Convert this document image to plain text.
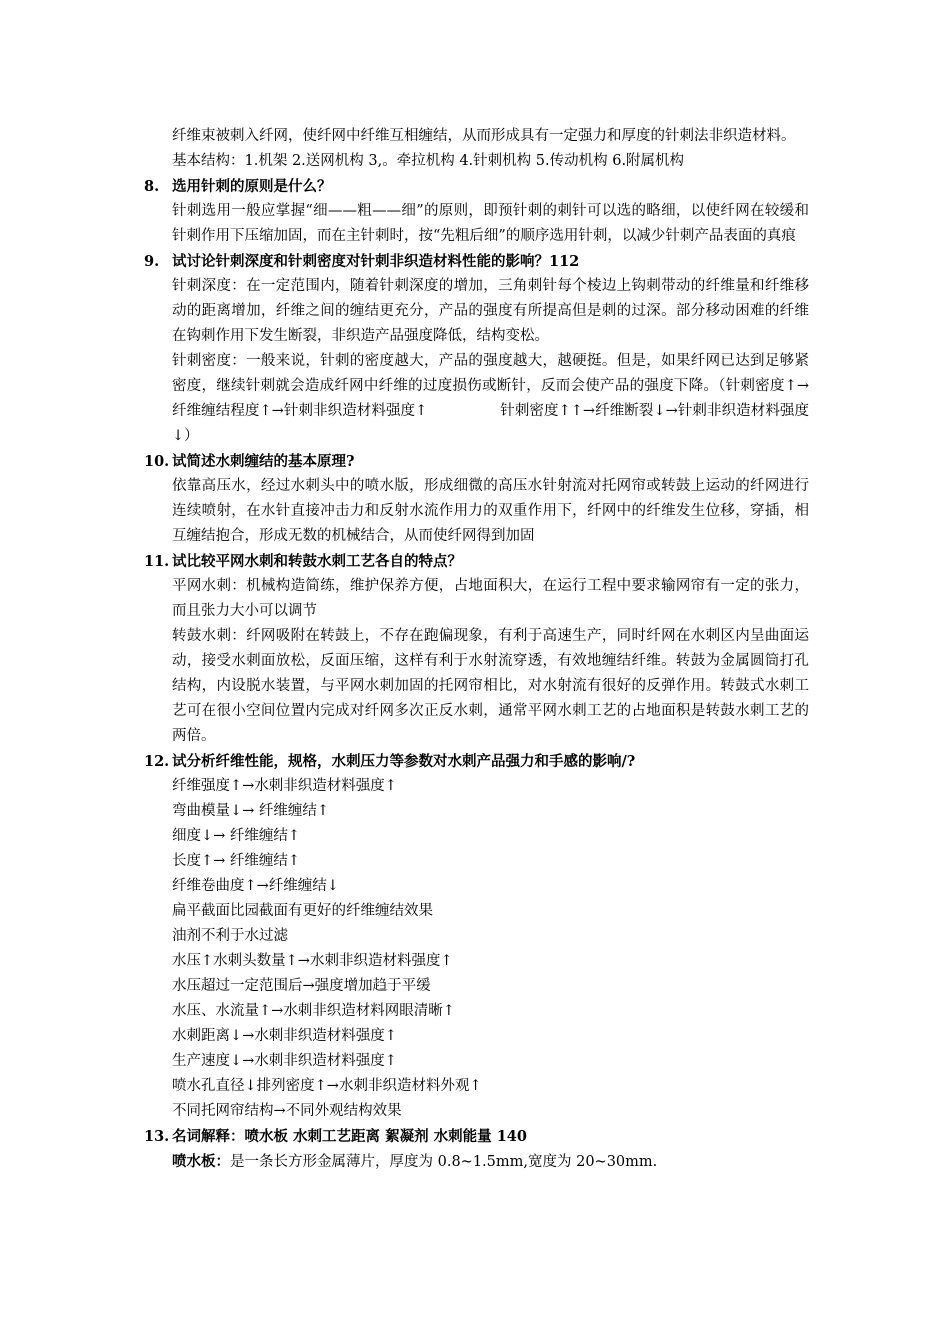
纤维束被刺入纤网，使纤网中纤维互相缠结，从而形成具有一定强力和厚度的针刺法非织造材料。

基本结构：1.机架 2.送网机构 3,。牵拉机构 4.针刺机构 5.传动机构 6.附属机构

8. 选用针刺的原则是什么？

针刺选用一般应掌握“细——粗——细”的原则，即预针刺的刺针可以选的略细，以使纤网在较缓和针刺作用下压缩加固，而在主针刺时，按“先粗后细”的顺序选用针刺，以减少针刺产品表面的真痕

9. 试讨论针刺深度和针刺密度对针刺非织造材料性能的影响？112

针刺深度：在一定范围内，随着针刺深度的增加，三角刺针每个棱边上钩刺带动的纤维量和纤维移动的距离增加，纤维之间的缠结更充分，产品的强度有所提高但是刺的过深。部分移动困难的纤维在钩刺作用下发生断裂，非织造产品强度降低，结构变松。

针刺密度：一般来说，针刺的密度越大，产品的强度越大，越硬挺。但是，如果纤网已达到足够紧密度，继续针刺就会造成纤网中纤维的过度损伤或断针，反而会使产品的强度下降。（针刺密度↑→纤维缠结程度↑→针刺非织造材料强度↑　　　　　针刺密度↑↑→纤维断裂↓→针刺非织造材料强度↓）

10. 试简述水刺缠结的基本原理?

依靠高压水，经过水刺头中的喷水版，形成细微的高压水针射流对托网帘或转鼓上运动的纤网进行连续喷射，在水针直接冲击力和反射水流作用力的双重作用下，纤网中的纤维发生位移，穿插，相互缠结抱合，形成无数的机械结合，从而使纤网得到加固

11. 试比较平网水刺和转鼓水刺工艺各自的特点？

平网水刺：机械构造简练，维护保养方便，占地面积大，在运行工程中要求输网帘有一定的张力，而且张力大小可以调节

转鼓水刺：纤网吸附在转鼓上，不存在跑偏现象，有利于高速生产，同时纤网在水刺区内呈曲面运动，接受水刺面放松，反面压缩，这样有利于水射流穿透，有效地缠结纤维。转鼓为金属圆筒打孔结构，内设脱水装置，与平网水刺加固的托网帘相比，对水射流有很好的反弹作用。转鼓式水刺工艺可在很小空间位置内完成对纤网多次正反水刺，通常平网水刺工艺的占地面积是转鼓水刺工艺的两倍。

12. 试分析纤维性能，规格，水刺压力等参数对水刺产品强力和手感的影响/?

纤维强度↑→水刺非织造材料强度↑

弯曲模量↓→ 纤维缠结↑

细度↓→ 纤维缠结↑

长度↑→ 纤维缠结↑

纤维卷曲度↑→纤维缠结↓

扁平截面比园截面有更好的纤维缠结效果

油剂不利于水过滤

水压↑水刺头数量↑→水刺非织造材料强度↑

水压超过一定范围后→强度增加趋于平缓

水压、水流量↑→水刺非织造材料网眼清晰↑

水刺距离↓→水刺非织造材料强度↑

生产速度↓→水刺非织造材料强度↑

喷水孔直径↓排列密度↑→水刺非织造材料外观↑

不同托网帘结构→不同外观结构效果

13. 名词解释：喷水板 水刺工艺距离 絮凝剂 水刺能量 140

喷水板：是一条长方形金属薄片，厚度为 0.8~1.5mm,宽度为 20~30mm.
